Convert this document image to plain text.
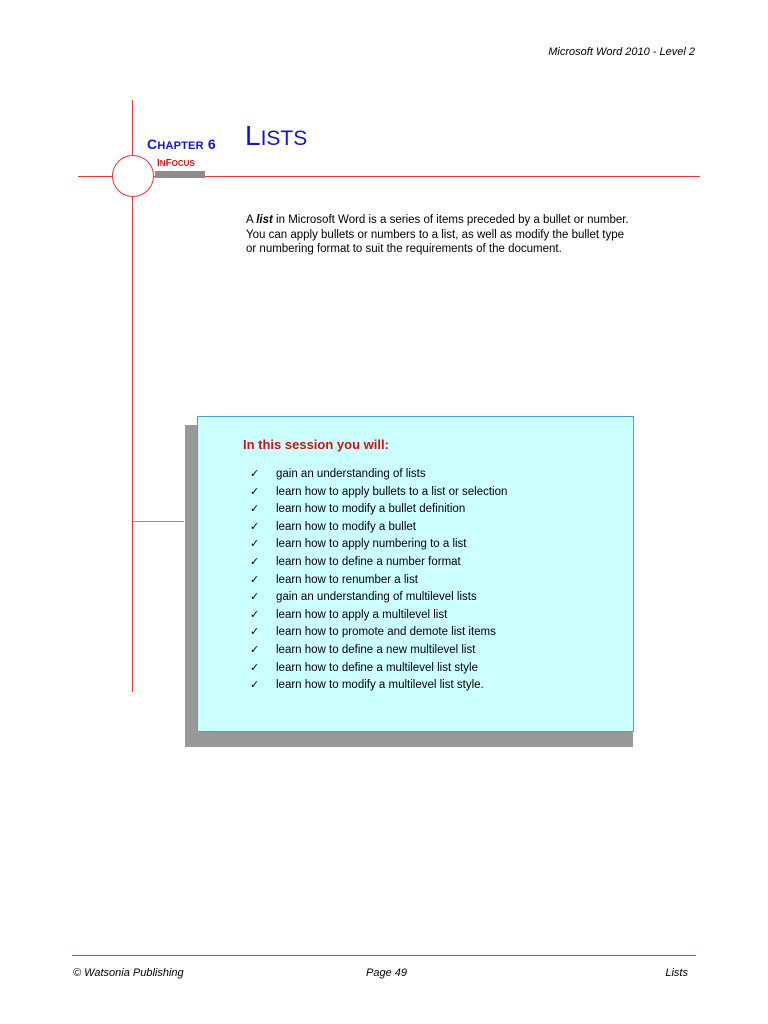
Microsoft Word 2010 - Level 2
CHAPTER 6
INFOCUS
LISTS
A list in Microsoft Word is a series of items preceded by a bullet or number. You can apply bullets or numbers to a list, as well as modify the bullet type or numbering format to suit the requirements of the document.
In this session you will:
✓ gain an understanding of lists
✓ learn how to apply bullets to a list or selection
✓ learn how to modify a bullet definition
✓ learn how to modify a bullet
✓ learn how to apply numbering to a list
✓ learn how to define a number format
✓ learn how to renumber a list
✓ gain an understanding of multilevel lists
✓ learn how to apply a multilevel list
✓ learn how to promote and demote list items
✓ learn how to define a new multilevel list
✓ learn how to define a multilevel list style
✓ learn how to modify a multilevel list style.
© Watsonia Publishing	Page 49	Lists
